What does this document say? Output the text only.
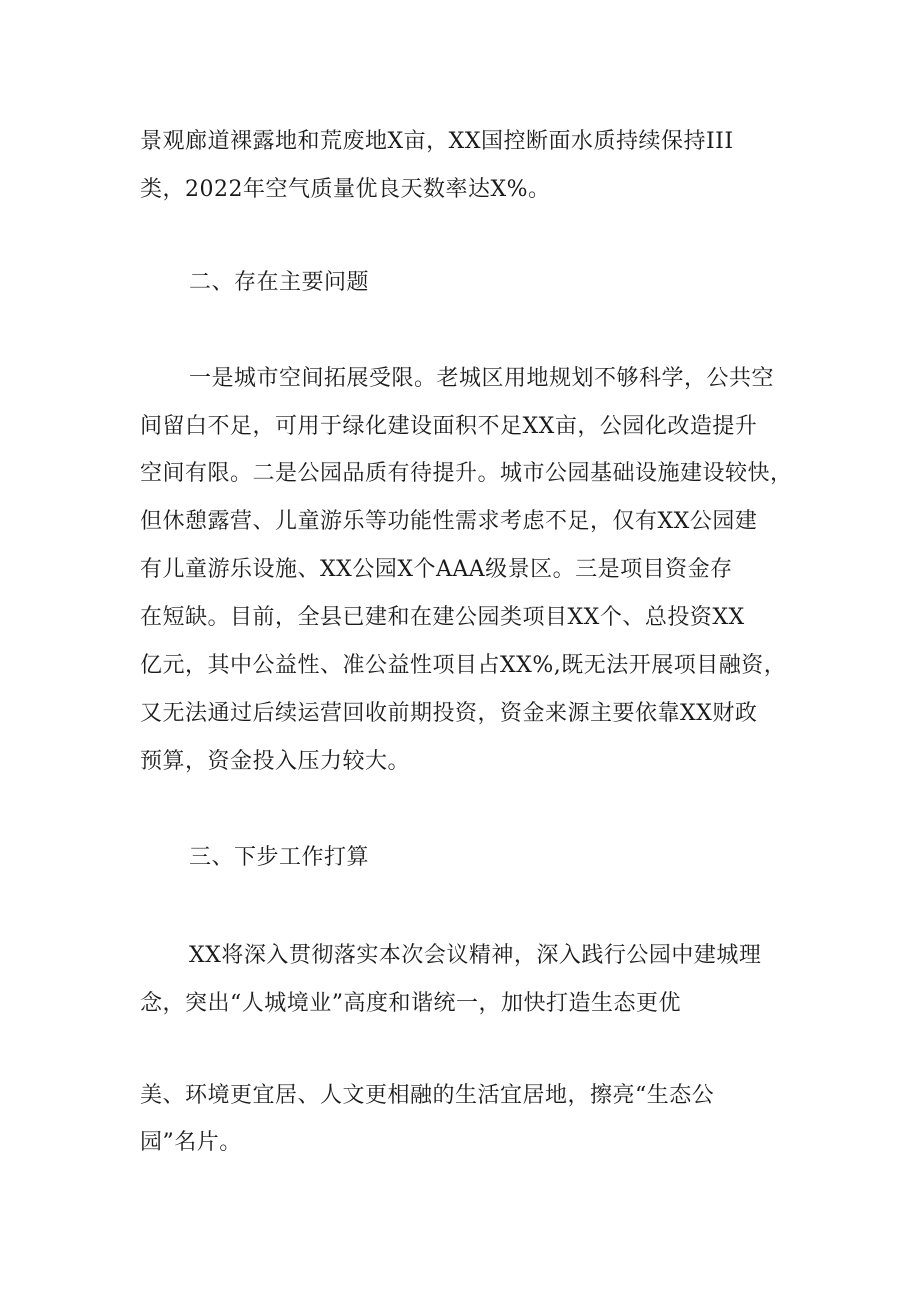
景观廊道裸露地和荒废地X亩，XX国控断面水质持续保持III
类，2022年空气质量优良天数率达X%。
二、存在主要问题
一是城市空间拓展受限。老城区用地规划不够科学，公共空
间留白不足，可用于绿化建设面积不足XX亩，公园化改造提升
空间有限。二是公园品质有待提升。城市公园基础设施建设较快，
但休憩露营、儿童游乐等功能性需求考虑不足，仅有XX公园建
有儿童游乐设施、XX公园X个AAA级景区。三是项目资金存
在短缺。目前，全县已建和在建公园类项目XX个、总投资XX
亿元，其中公益性、准公益性项目占XX%,既无法开展项目融资，
又无法通过后续运营回收前期投资，资金来源主要依靠XX财政
预算，资金投入压力较大。
三、下步工作打算
XX将深入贯彻落实本次会议精神，深入践行公园中建城理
念，突出“人城境业”高度和谐统一，加快打造生态更优
美、环境更宜居、人文更相融的生活宜居地，擦亮“生态公
园”名片。
